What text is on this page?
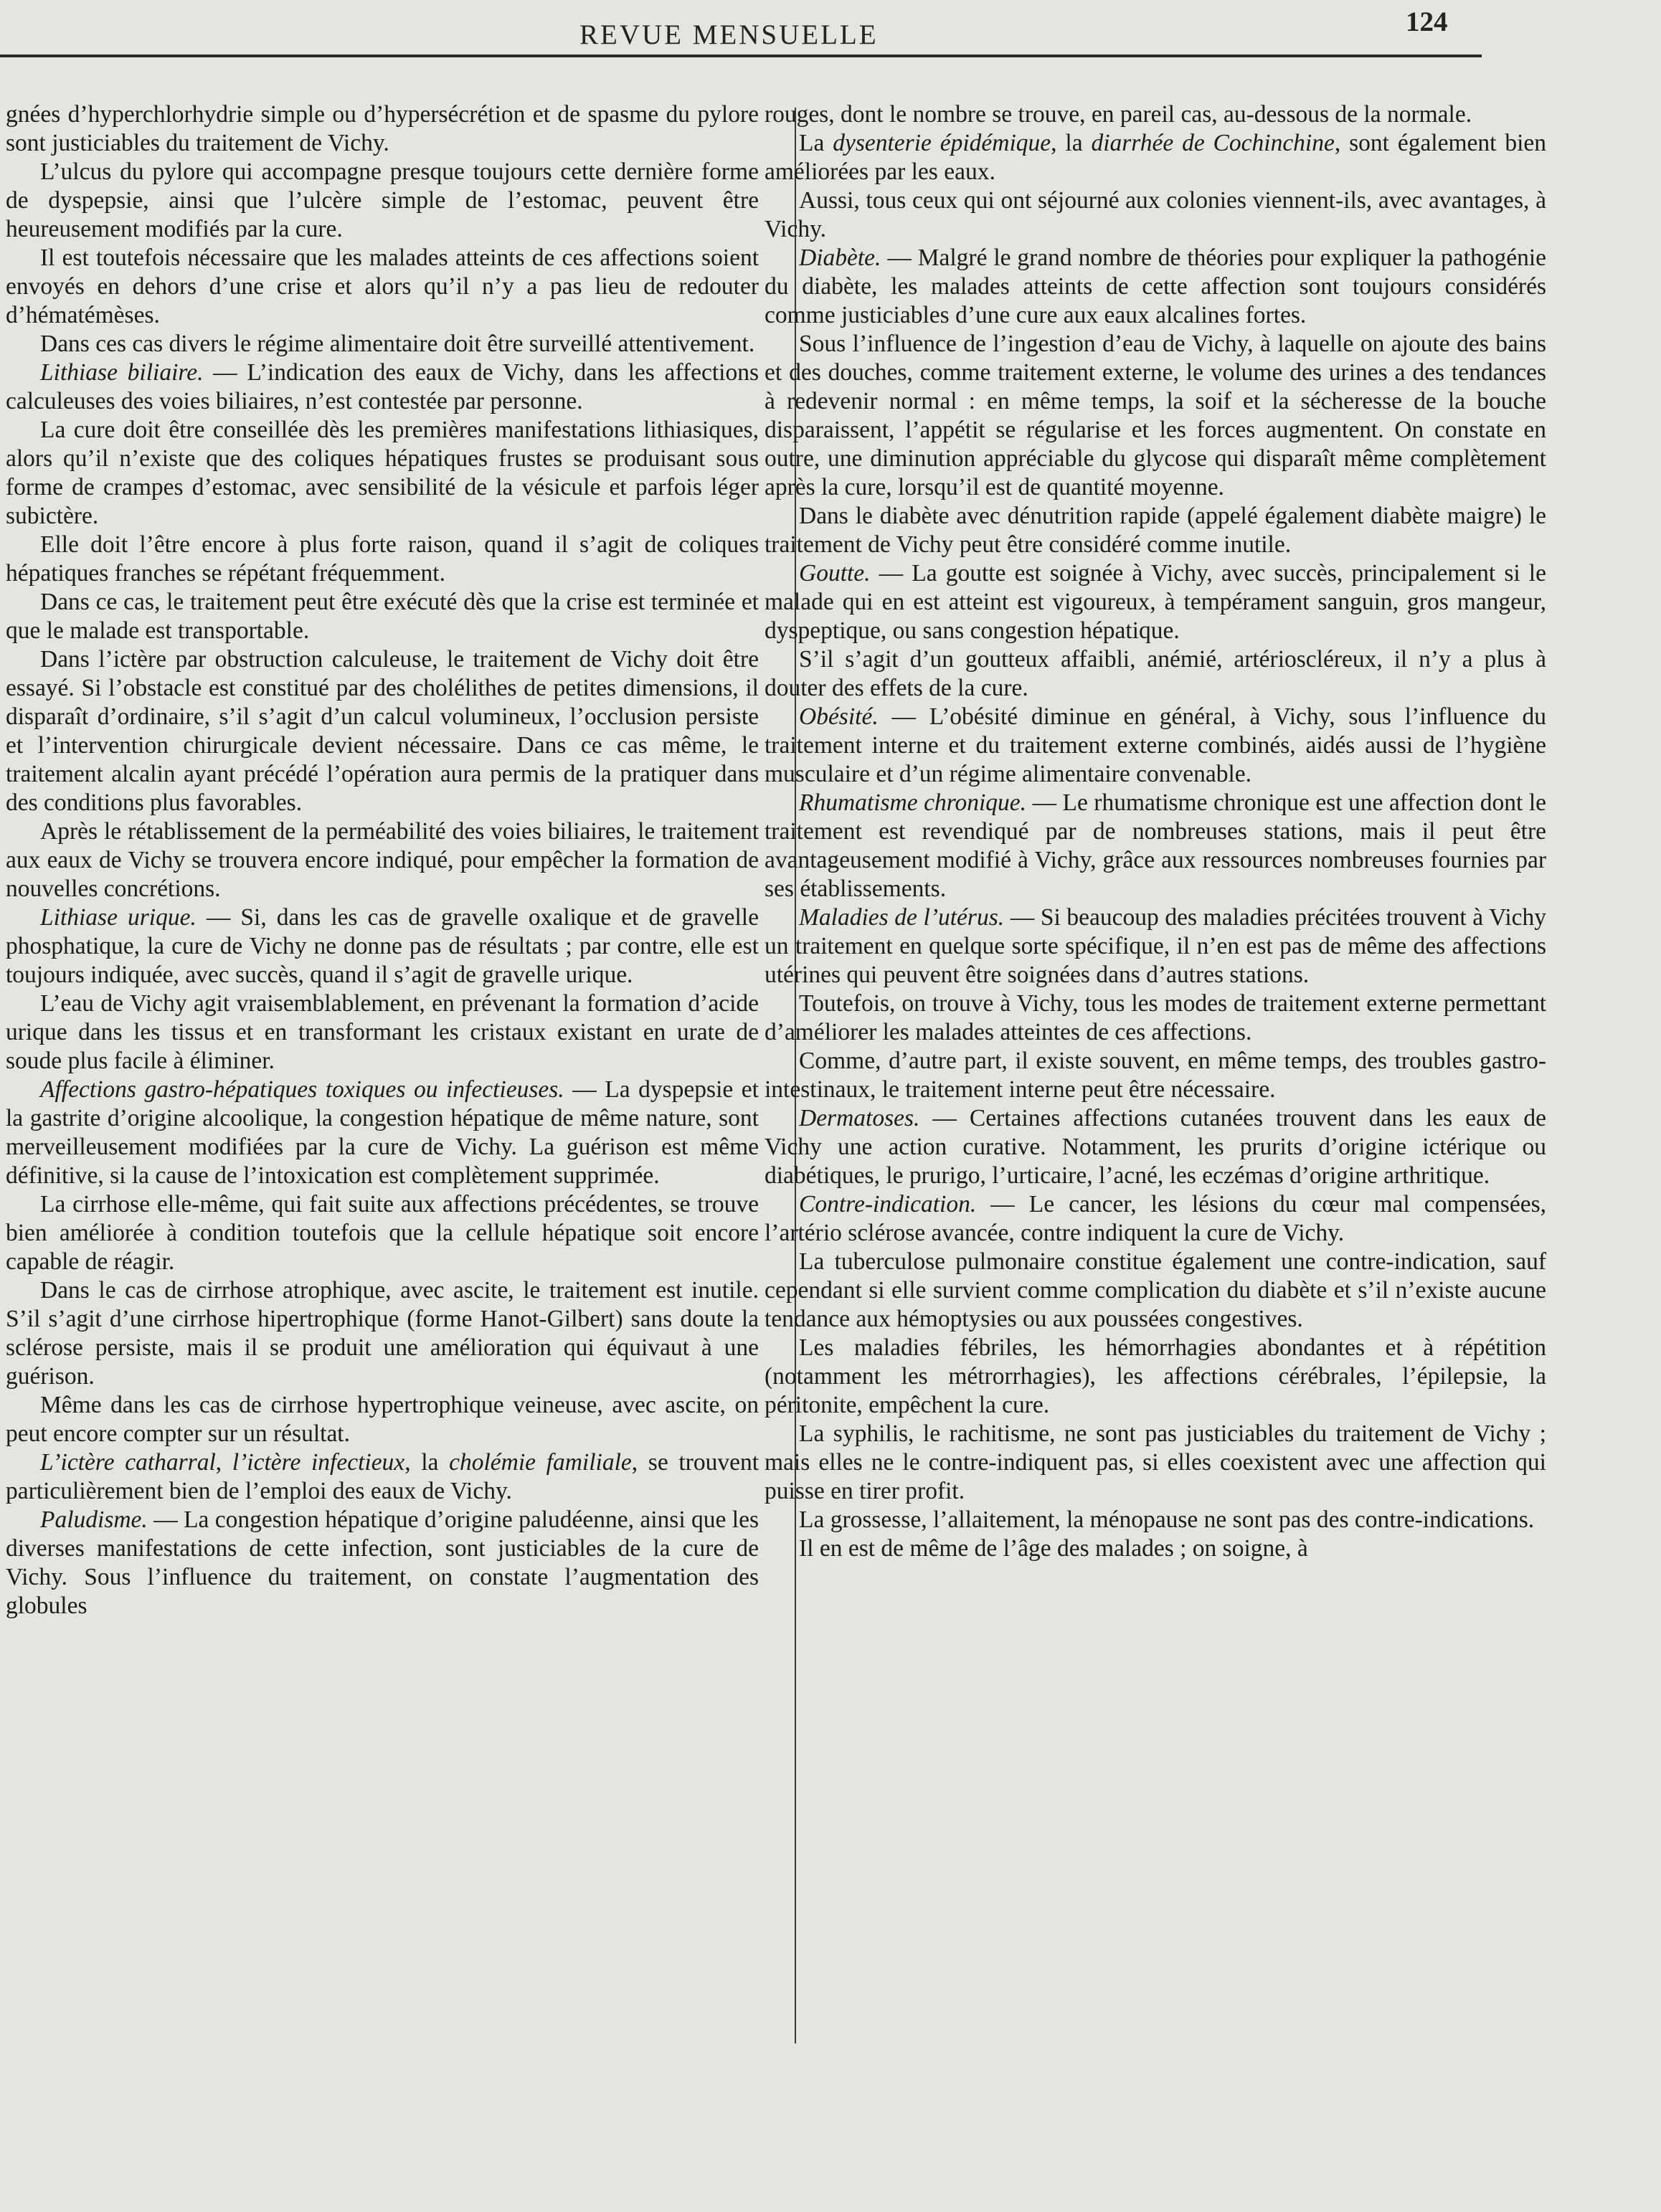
REVUE MENSUELLE	124

gnées d’hyperchlorhydrie simple ou d’hypersécrétion et de spasme du pylore sont justiciables du traitement de Vichy.

L’ulcus du pylore qui accompagne presque toujours cette dernière forme de dyspepsie, ainsi que l’ulcère simple de l’estomac, peuvent être heureusement modifiés par la cure.

Il est toutefois nécessaire que les malades atteints de ces affections soient envoyés en dehors d’une crise et alors qu’il n’y a pas lieu de redouter d’hématémèses.

Dans ces cas divers le régime alimentaire doit être surveillé attentivement.

Lithiase biliaire. — L’indication des eaux de Vichy, dans les affections calculeuses des voies biliaires, n’est contestée par personne.

La cure doit être conseillée dès les premières manifestations lithiasiques, alors qu’il n’existe que des coliques hépatiques frustes se produisant sous forme de crampes d’estomac, avec sensibilité de la vésicule et parfois léger subictère.

Elle doit l’être encore à plus forte raison, quand il s’agit de coliques hépatiques franches se répétant fréquemment.

Dans ce cas, le traitement peut être exécuté dès que la crise est terminée et que le malade est transportable.

Dans l’ictère par obstruction calculeuse, le traitement de Vichy doit être essayé. Si l’obstacle est constitué par des cholélithes de petites dimensions, il disparaît d’ordinaire, s’il s’agit d’un calcul volumineux, l’occlusion persiste et l’intervention chirurgicale devient nécessaire. Dans ce cas même, le traitement alcalin ayant précédé l’opération aura permis de la pratiquer dans des conditions plus favorables.

Après le rétablissement de la perméabilité des voies biliaires, le traitement aux eaux de Vichy se trouvera encore indiqué, pour empêcher la formation de nouvelles concrétions.

Lithiase urique. — Si, dans les cas de gravelle oxalique et de gravelle phosphatique, la cure de Vichy ne donne pas de résultats ; par contre, elle est toujours indiquée, avec succès, quand il s’agit de gravelle urique.

L’eau de Vichy agit vraisemblablement, en prévenant la formation d’acide urique dans les tissus et en transformant les cristaux existant en urate de soude plus facile à éliminer.

Affections gastro-hépatiques toxiques ou infectieuses. — La dyspepsie et la gastrite d’origine alcoolique, la congestion hépatique de même nature, sont merveilleusement modifiées par la cure de Vichy. La guérison est même définitive, si la cause de l’intoxication est complètement supprimée.

La cirrhose elle-même, qui fait suite aux affections précédentes, se trouve bien améliorée à condition toutefois que la cellule hépatique soit encore capable de réagir.

Dans le cas de cirrhose atrophique, avec ascite, le traitement est inutile. S’il s’agit d’une cirrhose hipertrophique (forme Hanot-Gilbert) sans doute la sclérose persiste, mais il se produit une amélioration qui équivaut à une guérison.

Même dans les cas de cirrhose hypertrophique veineuse, avec ascite, on peut encore compter sur un résultat.

L’ictère catharral, l’ictère infectieux, la cholémie familiale, se trouvent particulièrement bien de l’emploi des eaux de Vichy.

Paludisme. — La congestion hépatique d’origine paludéenne, ainsi que les diverses manifestations de cette infection, sont justiciables de la cure de Vichy. Sous l’influence du traitement, on constate l’augmentation des globules

rouges, dont le nombre se trouve, en pareil cas, au-dessous de la normale.

La dysenterie épidémique, la diarrhée de Cochinchine, sont également bien améliorées par les eaux.

Aussi, tous ceux qui ont séjourné aux colonies viennent-ils, avec avantages, à Vichy.

Diabète. — Malgré le grand nombre de théories pour expliquer la pathogénie du diabète, les malades atteints de cette affection sont toujours considérés comme justiciables d’une cure aux eaux alcalines fortes.

Sous l’influence de l’ingestion d’eau de Vichy, à laquelle on ajoute des bains et des douches, comme traitement externe, le volume des urines a des tendances à redevenir normal : en même temps, la soif et la sécheresse de la bouche disparaissent, l’appétit se régularise et les forces augmentent. On constate en outre, une diminution appréciable du glycose qui disparaît même complètement après la cure, lorsqu’il est de quantité moyenne.

Dans le diabète avec dénutrition rapide (appelé également diabète maigre) le traitement de Vichy peut être considéré comme inutile.

Goutte. — La goutte est soignée à Vichy, avec succès, principalement si le malade qui en est atteint est vigoureux, à tempérament sanguin, gros mangeur, dyspeptique, ou sans congestion hépatique.

S’il s’agit d’un goutteux affaibli, anémié, artérioscléreux, il n’y a plus à douter des effets de la cure.

Obésité. — L’obésité diminue en général, à Vichy, sous l’influence du traitement interne et du traitement externe combinés, aidés aussi de l’hygiène musculaire et d’un régime alimentaire convenable.

Rhumatisme chronique. — Le rhumatisme chronique est une affection dont le traitement est revendiqué par de nombreuses stations, mais il peut être avantageusement modifié à Vichy, grâce aux ressources nombreuses fournies par ses établissements.

Maladies de l’utérus. — Si beaucoup des maladies précitées trouvent à Vichy un traitement en quelque sorte spécifique, il n’en est pas de même des affections utérines qui peuvent être soignées dans d’autres stations.

Toutefois, on trouve à Vichy, tous les modes de traitement externe permettant d’améliorer les malades atteintes de ces affections.

Comme, d’autre part, il existe souvent, en même temps, des troubles gastro-intestinaux, le traitement interne peut être nécessaire.

Dermatoses. — Certaines affections cutanées trouvent dans les eaux de Vichy une action curative. Notamment, les prurits d’origine ictérique ou diabétiques, le prurigo, l’urticaire, l’acné, les eczémas d’origine arthritique.

Contre-indication. — Le cancer, les lésions du cœur mal compensées, l’artério sclérose avancée, contre indiquent la cure de Vichy.

La tuberculose pulmonaire constitue également une contre-indication, sauf cependant si elle survient comme complication du diabète et s’il n’existe aucune tendance aux hémoptysies ou aux poussées congestives.

Les maladies fébriles, les hémorrhagies abondantes et à répétition (notamment les métrorrhagies), les affections cérébrales, l’épilepsie, la péritonite, empêchent la cure.

La syphilis, le rachitisme, ne sont pas justiciables du traitement de Vichy ; mais elles ne le contre-indiquent pas, si elles coexistent avec une affection qui puisse en tirer profit.

La grossesse, l’allaitement, la ménopause ne sont pas des contre-indications.

Il en est de même de l’âge des malades ; on soigne, à
